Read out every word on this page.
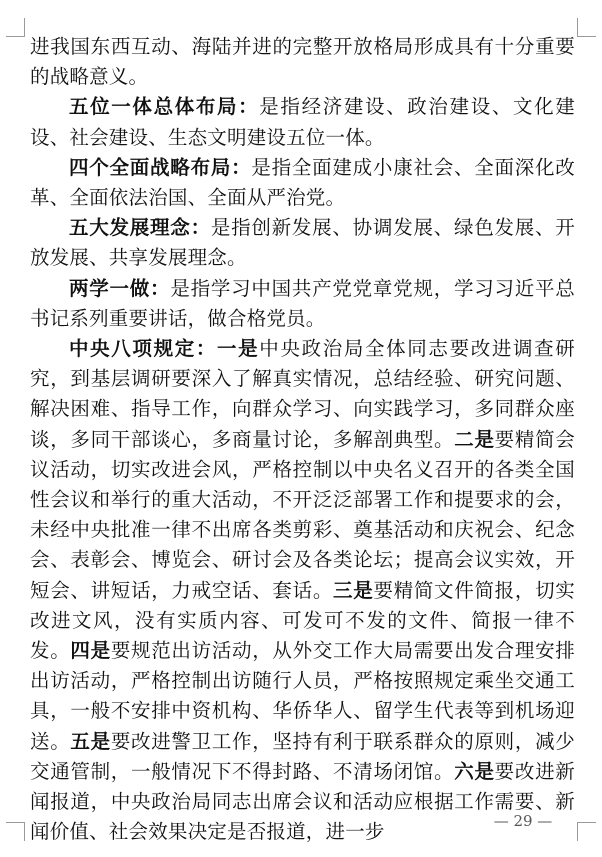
进我国东西互动、海陆并进的完整开放格局形成具有十分重要的战略意义。

五位一体总体布局：是指经济建设、政治建设、文化建设、社会建设、生态文明建设五位一体。

四个全面战略布局：是指全面建成小康社会、全面深化改革、全面依法治国、全面从严治党。

五大发展理念：是指创新发展、协调发展、绿色发展、开放发展、共享发展理念。

两学一做：是指学习中国共产党党章党规，学习习近平总书记系列重要讲话，做合格党员。

中央八项规定：一是中央政治局全体同志要改进调查研究，到基层调研要深入了解真实情况，总结经验、研究问题、解决困难、指导工作，向群众学习、向实践学习，多同群众座谈，多同干部谈心，多商量讨论，多解剖典型。二是要精简会议活动，切实改进会风，严格控制以中央名义召开的各类全国性会议和举行的重大活动，不开泛泛部署工作和提要求的会，未经中央批准一律不出席各类剪彩、奠基活动和庆祝会、纪念会、表彰会、博览会、研讨会及各类论坛；提高会议实效，开短会、讲短话，力戒空话、套话。三是要精简文件简报，切实改进文风，没有实质内容、可发可不发的文件、简报一律不发。四是要规范出访活动，从外交工作大局需要出发合理安排出访活动，严格控制出访随行人员，严格按照规定乘坐交通工具，一般不安排中资机构、华侨华人、留学生代表等到机场迎送。五是要改进警卫工作，坚持有利于联系群众的原则，减少交通管制，一般情况下不得封路、不清场闭馆。六是要改进新闻报道，中央政治局同志出席会议和活动应根据工作需要、新闻价值、社会效果决定是否报道，进一步	— 29 —
